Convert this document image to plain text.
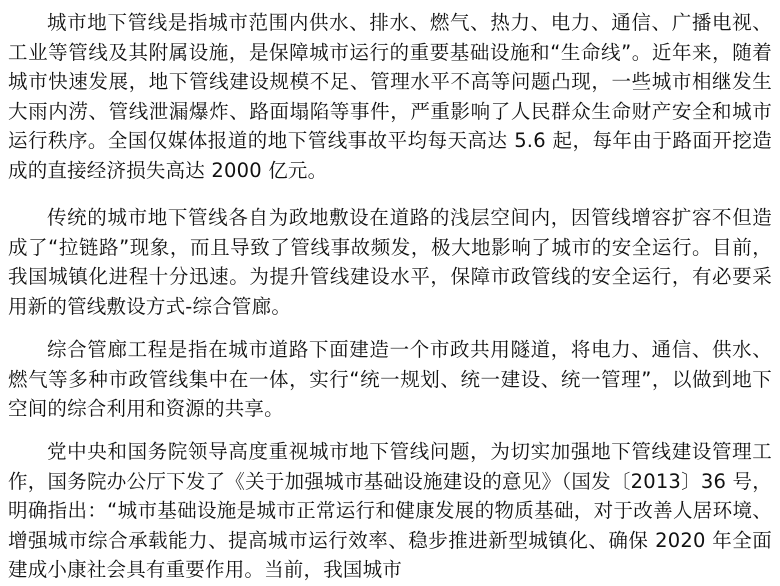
城市地下管线是指城市范围内供水、排水、燃气、热力、电力、通信、广播电视、工业等管线及其附属设施，是保障城市运行的重要基础设施和“生命线”。近年来，随着城市快速发展，地下管线建设规模不足、管理水平不高等问题凸现，一些城市相继发生大雨内涝、管线泄漏爆炸、路面塌陷等事件，严重影响了人民群众生命财产安全和城市运行秩序。全国仅媒体报道的地下管线事故平均每天高达 5.6 起，每年由于路面开挖造成的直接经济损失高达 2000 亿元。

传统的城市地下管线各自为政地敷设在道路的浅层空间内，因管线增容扩容不但造成了“拉链路”现象，而且导致了管线事故频发，极大地影响了城市的安全运行。目前，我国城镇化进程十分迅速。为提升管线建设水平，保障市政管线的安全运行，有必要采用新的管线敷设方式-综合管廊。

综合管廊工程是指在城市道路下面建造一个市政共用隧道，将电力、通信、供水、燃气等多种市政管线集中在一体，实行“统一规划、统一建设、统一管理”，以做到地下空间的综合利用和资源的共享。

党中央和国务院领导高度重视城市地下管线问题，为切实加强地下管线建设管理工作，国务院办公厅下发了《关于加强城市基础设施建设的意见》（国发〔2013〕36 号，明确指出：“城市基础设施是城市正常运行和健康发展的物质基础，对于改善人居环境、增强城市综合承载能力、提高城市运行效率、稳步推进新型城镇化、确保 2020 年全面建成小康社会具有重要作用。当前，我国城市
